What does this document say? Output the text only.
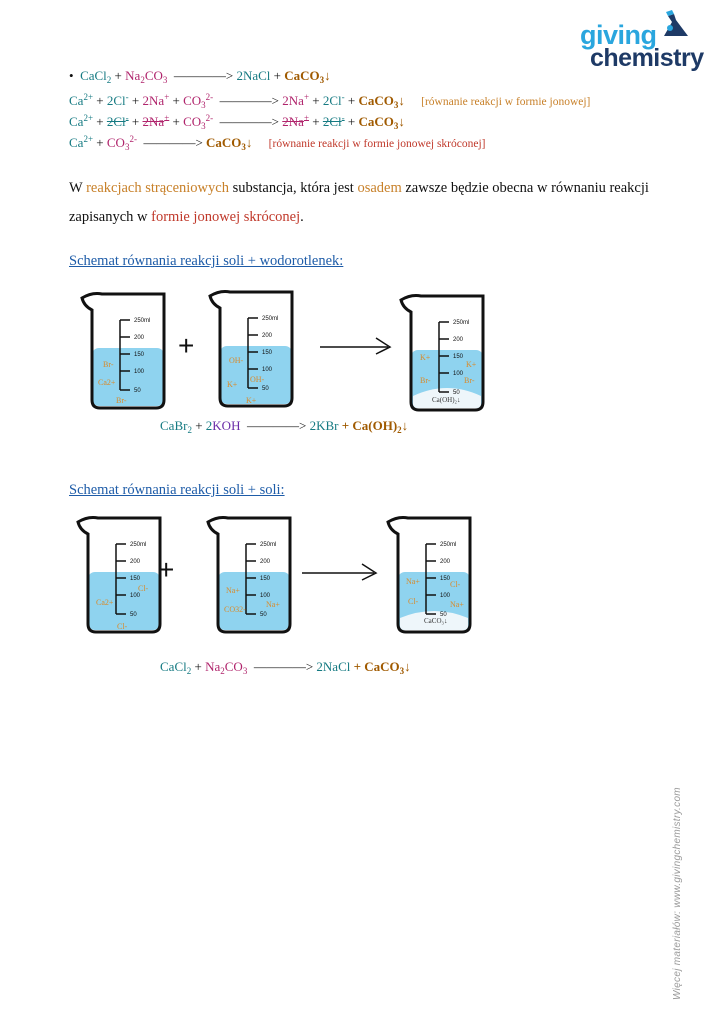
giving
chemistry
• CaCl$_2$ + $Na_2CO_3$ ————> 2NaCl + CaCO$_3$↓
$Ca^{2+} + 2Cl^- + 2Na^+ + CO_3^{2-}$ ————> 2Na+ + 2Cl- + CaCO$_3$↓ [równanie reakcji w formie jonowej]
$Ca^{2+} + 2Cl^- + 2Na^+ + CO_3^{2-}$ ————> 2Na+ + 2Cl- + CaCO$_3$↓
$Ca^{2+} + CO_3^{2-}$ ————> CaCO$_3$↓ [równanie reakcji w formie jonowej skróconej]
W reakcjach strąceniowych substancja, która jest osadem zawsze będzie obecna w równaniu reakcji zapisanych w formie jonowej skróconej.
Schemat równania reakcji soli + wodorotlenek:
250ml
200
150
100
50
Br-
Ca2+
Br-
+
250ml
200
150
100
50
OH-
OH-
K+
K+
250ml
200
150
100
50
K+
K+
Br-	Br-
Ca(OH)₂↓
CaBr$_2$ + 2KOH ————> $2KBr + Ca(OH)_2↓$
Schemat równania reakcji soli + soli:
250ml
200
150
100
50
Cl-
Ca2+
Cl-
+
250ml
200
150
100
50
Na+
CO32-
Na+
250ml
200
150
100
50
Na+	Cl-
Cl-	Na+
CaCO₃↓
CaCl$_2$ + $Na_2CO_3$ ————> 2NaCl + CaCO$_3$↓
Więcej materiałów: www.givingchemistry.com
